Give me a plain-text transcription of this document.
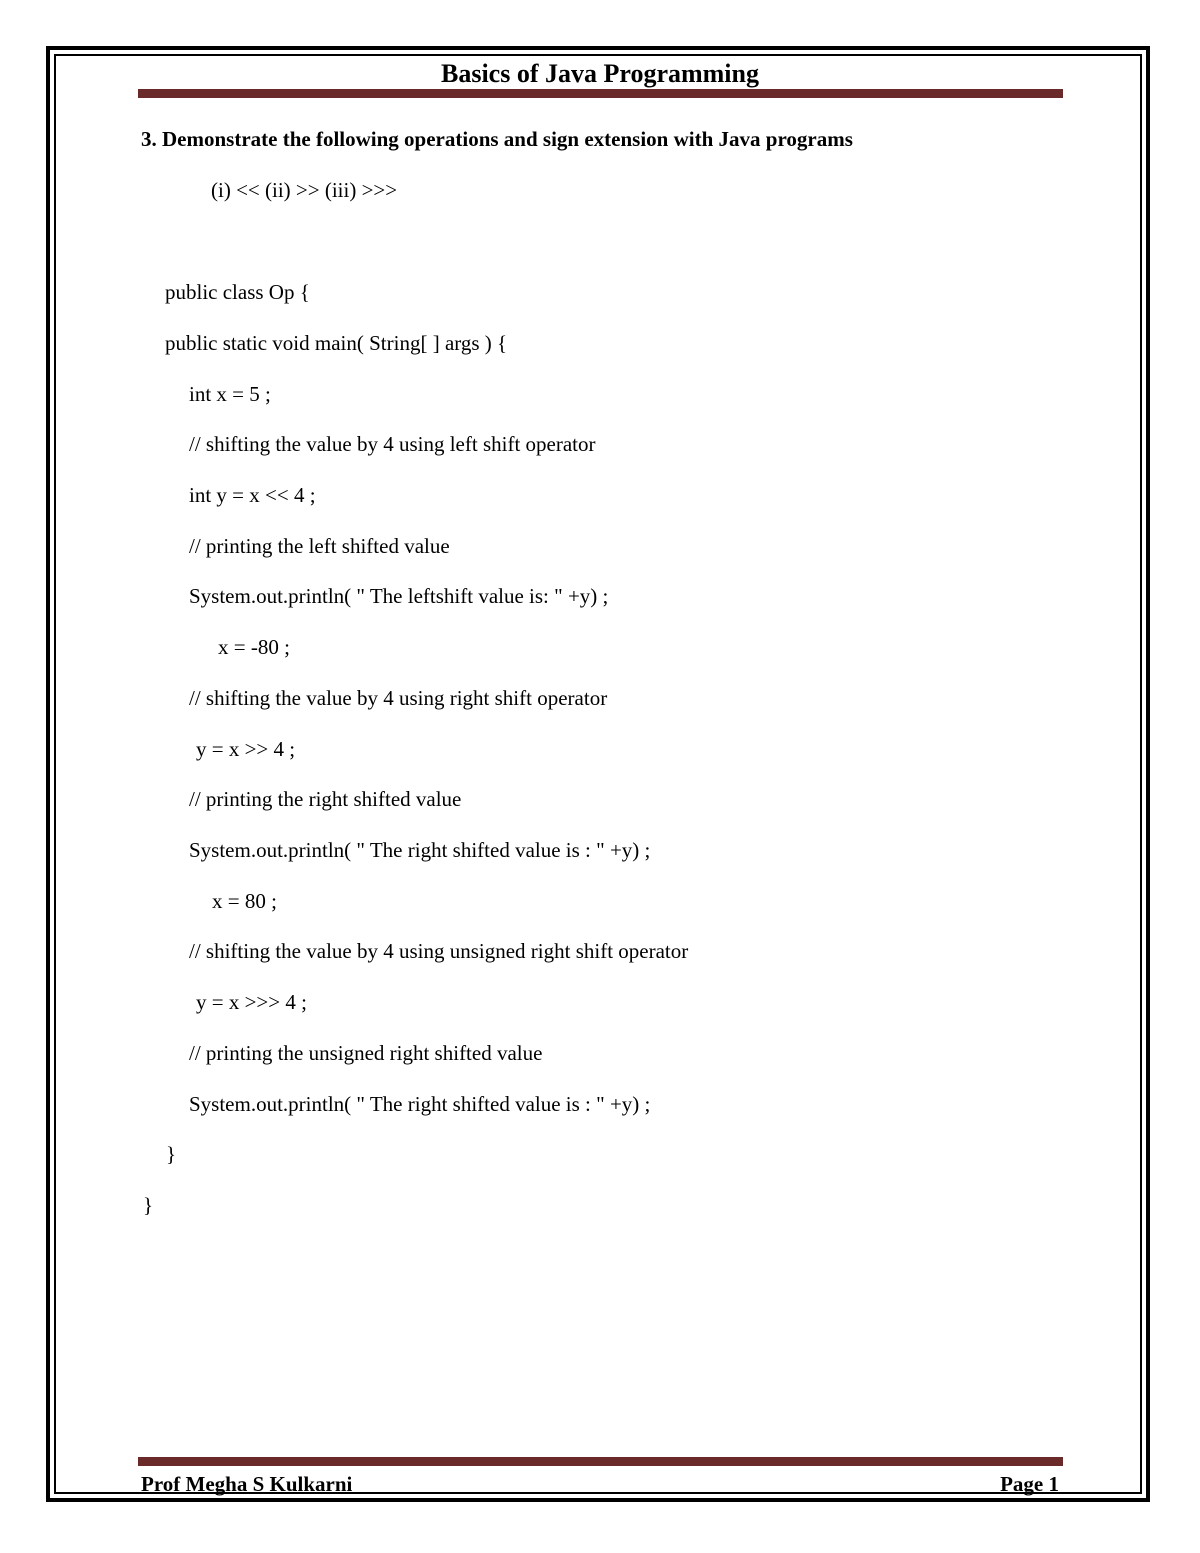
Basics of Java Programming
3. Demonstrate the following operations and sign extension with Java programs
(i) << (ii) >> (iii) >>>
public class Op {
public static void main( String[ ] args ) {
int x = 5 ;
// shifting the value by 4 using left shift operator
int y = x << 4 ;
// printing the left shifted value
System.out.println( " The leftshift value is: " +y) ;
x = -80 ;
// shifting the value by 4 using right shift operator
y = x >> 4 ;
// printing the right shifted value
System.out.println( " The right shifted value is : " +y) ;
x = 80 ;
// shifting the value by 4 using unsigned right shift operator
y = x >>> 4 ;
// printing the unsigned right shifted value
System.out.println( " The right shifted value is : " +y) ;
}
}
Prof Megha S Kulkarni	Page 1
